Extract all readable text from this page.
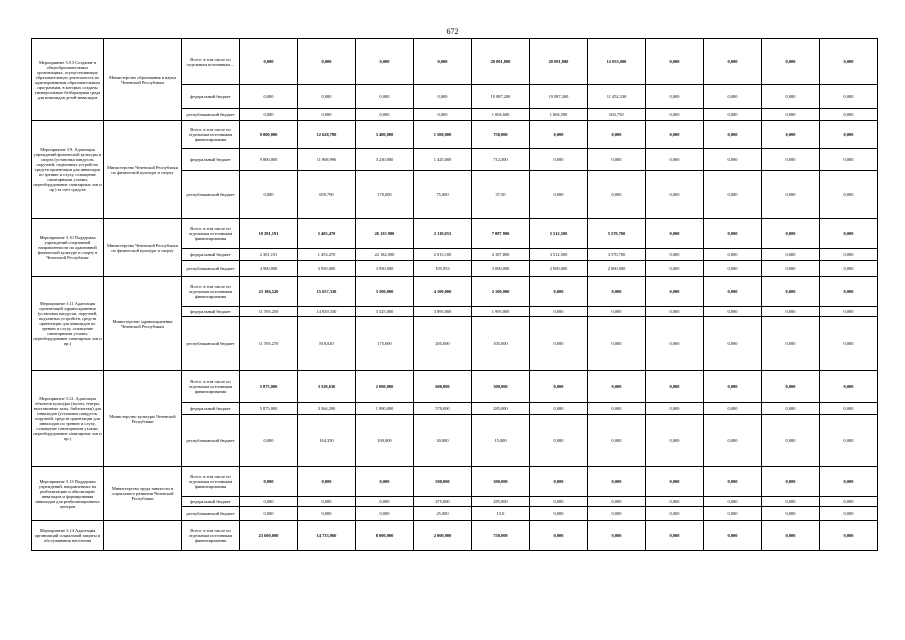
672
Мероприятие 3.9.5 Создание в общеобразовательных организациях, осуществляющих образовательную деятельность по адаптированным образовательным программам, в которых созданы универсальные безбарьерная среда для инвалидов детей-инвалидов	Министерство образования и науки Чеченской Республики	Всего: в том числе по отдельным источникам ...	0,000	0,000	0,000	0,000	20 091,800	20 091,800	12 055,000	0,000	0,000	0,000	0,000
		федеральный бюджет	0,000	0,000	0,000	0,000	19 087,200	19 087,200	11 452,330	0,000	0,000	0,000	0,000
		республиканский бюджет	0,000	0,000	0,000	0,000	1 004,600	1 004,590	602,750	0,000	0,000	0,000	0,000
Мероприятие 3.9. Адаптация учреждений физической культуры и спорта (установка пандусов, поручней, подъемных устройств, средств ориентации для инвалидов по зрению и слуху, оснащение санитарными узлами, переоборудование санитарных зон и пр.) за счет средств	Министерство Чеченской Республики по физической культуре и спорту	Всего: в том числе по отдельным источникам финансирования	9 800,000	12 628,780	3 400,000	1 500,000	750,000	0,000	0,000	0,000	0,000	0,000	0,000
		федеральный бюджет	9 800,000	11 968,996	3 230,000	1 425,000	712,500	0,000	0,000	0,000	0,000	0,000	0,000
		республиканский бюджет	0,000	659,790	170,000	75,000	37,50	0,000	0,000	0,000	0,000	0,000	0,000
Мероприятие 3.10 Поддержка учреждений спортивной направленности по адаптивной физической культуре и спорту в Чеченской Республике	Министерство Чеченской Республики по физической культуре и спорту	Всего: в том числе по отдельным источникам финансирования	10 291,191	5 403,470	26 135 900	2 119,053	7 087 800	5 512,500	5 570,700	0,000	0,000	0,000	0,000
		федеральный бюджет	2 301,191	1 453,470	22 182,900	2 013,100	4 187,800	3 512,500	3 570,700	0,000	0,000	0,000	0,000
		республиканский бюджет	4 900,000	3 950,000	3 950,000	105,953	3 000,000	2 000,000	2 000,000	0,000	0,000	0,000	0,000
Мероприятие 3.11 Адаптация организаций здравоохранения (установка пандусов, поручней, подъемных устройств, средств ориентации для инвалидов по зрению и слуху, оснащение санитарными узлами, переоборудование санитарных зон и пр.)	Министерство здравоохранения Чеченской Республики	Всего: в том числе по отдельным источникам финансирования	23 186,520	15 657,330	3 500,000	4 100,000	2 100,000	0,000	0,000	0,000	0,000	0,000	0,000
		федеральный бюджет	11 593,250	14 839,330	3 325,000	3 895,000	1 995,000	0,000	0,000	0,000	0,000	0,000	0,000
		республиканский бюджет	11 593,270	818,020	175,000	205,000	105,000	0,000	0,000	0,000	0,000	0,000	0,000
Мероприятие 3.12. Адаптация объектов культуры (музеи, театры, выставочные залы, библиотеки) для инвалидов (установка пандусов, поручней, средств ориентации для инвалидов по зрению и слуху, оснащение санитарными узлами, переоборудование санитарных зон и пр.)	Министерство культуры Чеченской Республики	Всего: в том числе по отдельным источникам финансирования	5 875,000	3 528,630	2 000,000	600,000	300,000	0,000	0,000	0,000	0,000	0,000	0,000
		федеральный бюджет	5 875,000	3 364,290	1 900,000	570,000	285,000	0,000	0,000	0,000	0,000	0,000	0,000
		республиканский бюджет	0,000	164,350	100,000	30,000	15,000	0,000	0,000	0,000	0,000	0,000	0,000
Мероприятие 3.13 Поддержка учреждений, направленных на реабилитацию и абилитацию инвалидов и формирования инвалидов для реабилитационных центров	Министерство труда занятости и социального развития Чеченской Республики	Всего: в том числе по отдельным источникам финансирования	0,000	0,000	0,000	500,000	300,000	0,000	0,000	0,000	0,000	0,000	0,000
		федеральный бюджет	0,000	0,000	0,000	475,000	285,000	0,000	0,000	0,000	0,000	0,000	0,000
		республиканский бюджет	0,000	0,000	0,000	25,000	15,0	0,000	0,000	0,000	0,000	0,000	0,000
Мероприятие 3.14 Адаптация организаций социальной защиты и обслуживания населения		Всего: в том числе по отдельным источникам финансирования	23 600,000	14 733,960	8 000,000	2 000,000	750,000	0,000	0,000	0,000	0,000	0,000	0,000
